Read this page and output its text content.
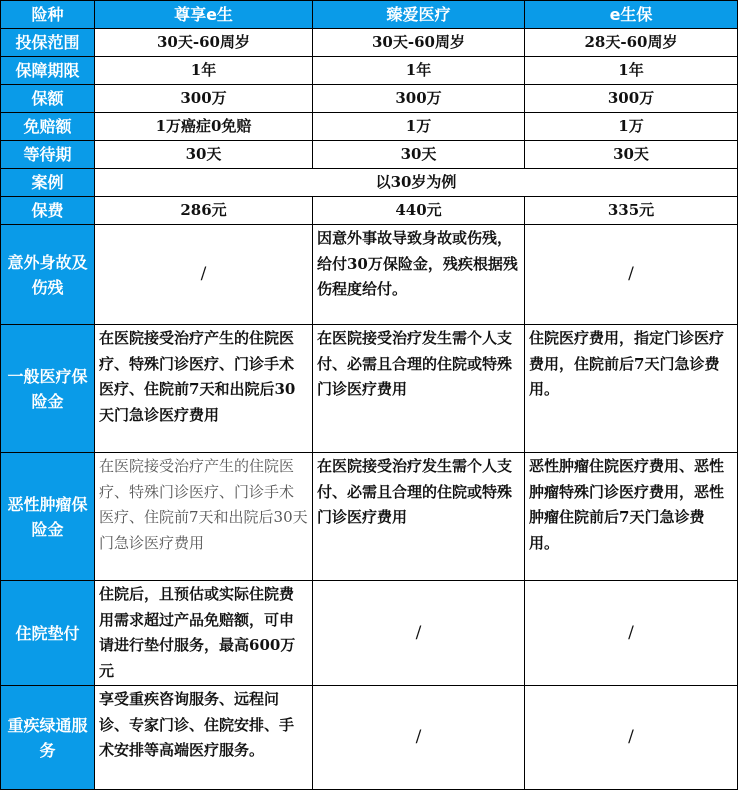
险种	尊享e生	臻爱医疗	e生保
投保范围	30天-60周岁	30天-60周岁	28天-60周岁
保障期限	1年	1年	1年
保额	300万	300万	300万
免赔额	1万癌症0免赔	1万	1万
等待期	30天	30天	30天
案例	以30岁为例		
保费	286元	440元	335元
意外身故及伤残	/	因意外事故导致身故或伤残，给付30万保险金，残疾根据残伤程度给付。	/
一般医疗保险金	在医院接受治疗产生的住院医疗、特殊门诊医疗、门诊手术医疗、住院前7天和出院后30天门急诊医疗费用	在医院接受治疗发生需个人支付、必需且合理的住院或特殊门诊医疗费用	住院医疗费用，指定门诊医疗费用，住院前后7天门急诊费用。
恶性肿瘤保险金	在医院接受治疗产生的住院医疗、特殊门诊医疗、门诊手术医疗、住院前7天和出院后30天门急诊医疗费用	在医院接受治疗发生需个人支付、必需且合理的住院或特殊门诊医疗费用	恶性肿瘤住院医疗费用、恶性肿瘤特殊门诊医疗费用，恶性肿瘤住院前后7天门急诊费用。
住院垫付	住院后，且预估或实际住院费用需求超过产品免赔额，可申请进行垫付服务，最高600万元	/	/
重疾绿通服务	享受重疾咨询服务、远程问诊、专家门诊、住院安排、手术安排等高端医疗服务。	/	/
